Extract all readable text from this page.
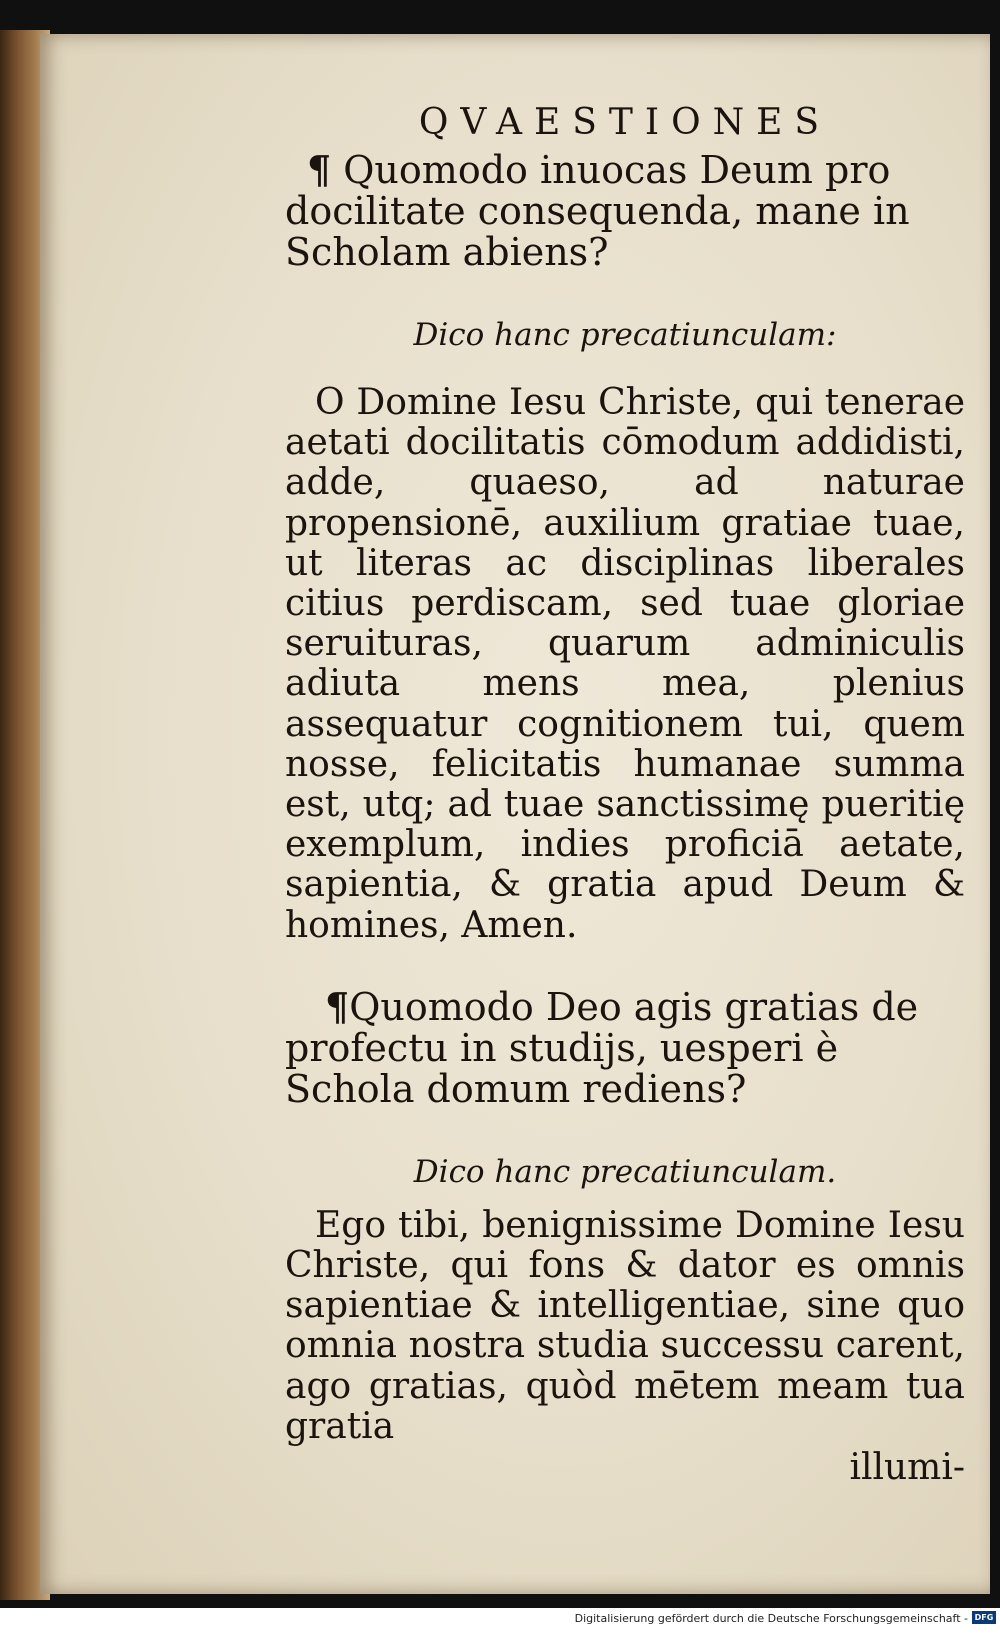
QVAESTIONES

¶ Quomodo inuocas Deum pro docilitate consequenda, mane in Scholam abiens?

Dico hanc precatiunculam:

O Domine Iesu Christe, qui tenerae aetati docilitatis cōmodum addidisti, adde, quaeso, ad naturae propensionē, auxilium gratiae tuae, ut literas ac disciplinas liberales citius perdiscam, sed tuae gloriae seruituras, quarum adminiculis adiuta mens mea, plenius assequatur cognitionem tui, quem nosse, felicitatis humanae summa est, utq; ad tuae sanctissimę pueritię exemplum, indies proficiā aetate, sapientia, & gratia apud Deum & homines, Amen.

¶Quomodo Deo agis gratias de profectu in studijs, uesperi è Schola domum rediens?

Dico hanc precatiunculam.

Ego tibi, benignissime Domine Iesu Christe, qui fons & dator es omnis sapientiae & intelligentiae, sine quo omnia nostra studia successu carent, ago gratias, quòd mētem meam tua gratia

illumi-

Digitalisierung gefördert durch die Deutsche Forschungsgemeinschaft - DFG
